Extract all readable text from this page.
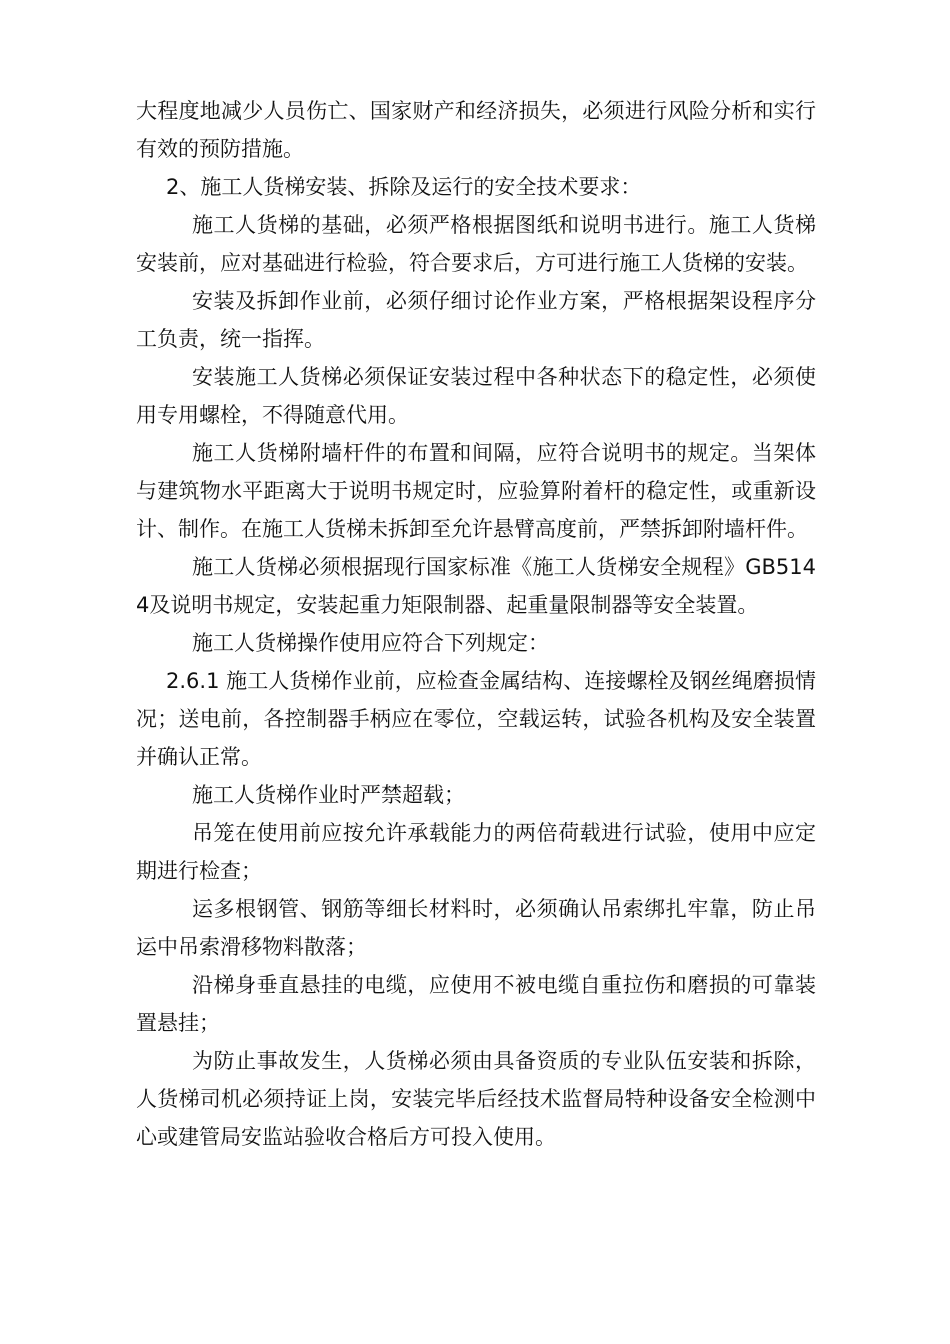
大程度地减少人员伤亡、国家财产和经济损失，必须进行风险分析和实行有效的预防措施。

2、施工人货梯安装、拆除及运行的安全技术要求：

施工人货梯的基础，必须严格根据图纸和说明书进行。施工人货梯安装前，应对基础进行检验，符合要求后，方可进行施工人货梯的安装。

安装及拆卸作业前，必须仔细讨论作业方案，严格根据架设程序分工负责，统一指挥。

安装施工人货梯必须保证安装过程中各种状态下的稳定性，必须使用专用螺栓，不得随意代用。

施工人货梯附墙杆件的布置和间隔，应符合说明书的规定。当架体与建筑物水平距离大于说明书规定时，应验算附着杆的稳定性，或重新设计、制作。在施工人货梯未拆卸至允许悬臂高度前，严禁拆卸附墙杆件。

施工人货梯必须根据现行国家标准《施工人货梯安全规程》GB5144及说明书规定，安装起重力矩限制器、起重量限制器等安全装置。

施工人货梯操作使用应符合下列规定：

2.6.1 施工人货梯作业前，应检查金属结构、连接螺栓及钢丝绳磨损情况；送电前，各控制器手柄应在零位，空载运转，试验各机构及安全装置并确认正常。

施工人货梯作业时严禁超载；

吊笼在使用前应按允许承载能力的两倍荷载进行试验，使用中应定期进行检查；

运多根钢管、钢筋等细长材料时，必须确认吊索绑扎牢靠，防止吊运中吊索滑移物料散落；

沿梯身垂直悬挂的电缆，应使用不被电缆自重拉伤和磨损的可靠装置悬挂；

为防止事故发生，人货梯必须由具备资质的专业队伍安装和拆除，人货梯司机必须持证上岗，安装完毕后经技术监督局特种设备安全检测中心或建管局安监站验收合格后方可投入使用。
